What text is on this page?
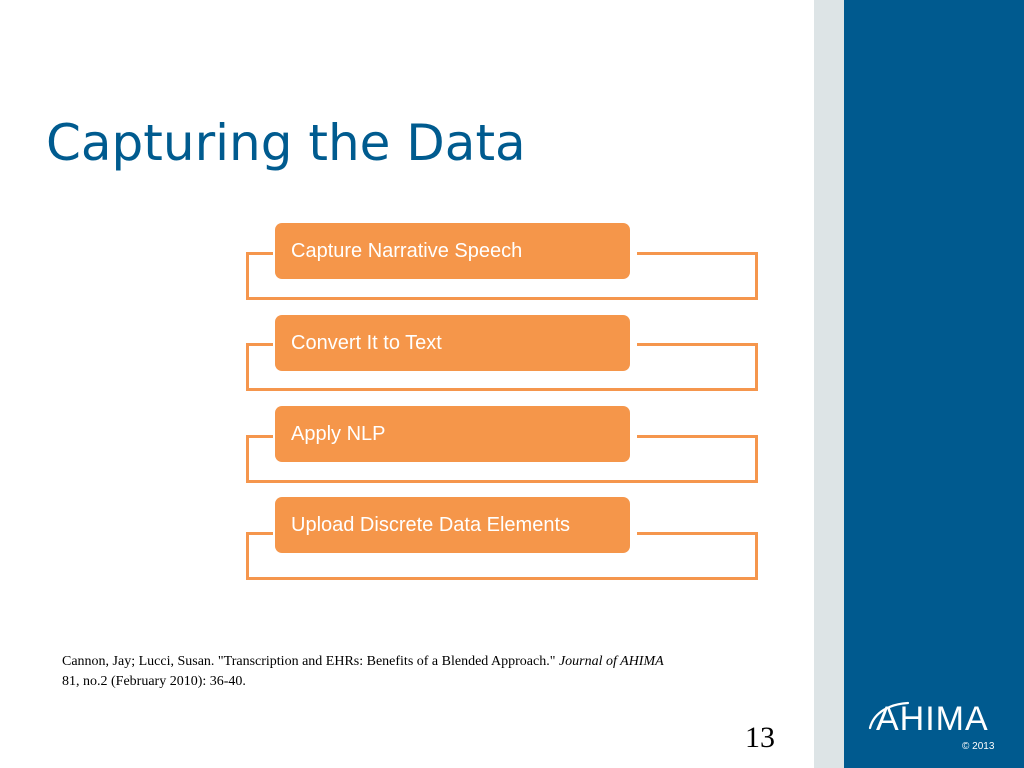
Capturing the Data
Capture Narrative Speech
Convert It to Text
Apply NLP
Upload Discrete Data Elements

Cannon, Jay; Lucci, Susan. "Transcription and EHRs: Benefits of a Blended Approach." Journal of AHIMA 81, no.2 (February 2010): 36-40.

13	AHIMA
© 2013
